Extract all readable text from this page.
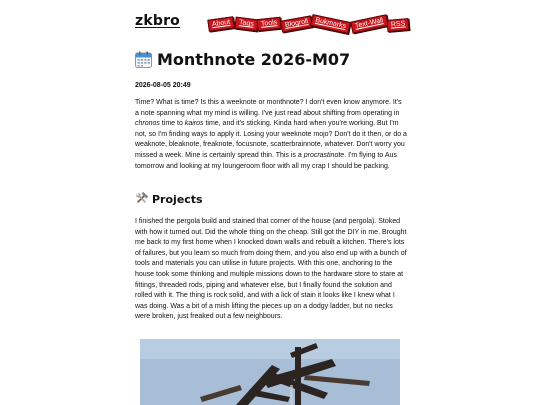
zkbro	About	Tags Tools Blogroll Bukmarks	Text-Wall RSS
Monthnote 2026-M07
2026-08-05 20:49

Time? What is time? Is this a weeknote or monthnote? I don't even know anymore. It's a note spanning what my mind is willing. I've just read about shifting from operating in chronos time to kairos time, and it's sticking. Kinda hard when you're working. But I'm not, so I'm finding ways to apply it. Losing your weeknote mojo? Don't do it then, or do a weaknote, bleaknote, freaknote, focusnote, scatterbrainnote, whatever. Don't worry you missed a week. Mine is certainly spread thin. This is a procrastinote. I'm flying to Aus tomorrow and looking at my loungeroom floor with all my crap I should be packing.

Projects

I finished the pergola build and stained that corner of the house (and pergola). Stoked with how it turned out. Did the whole thing on the cheap. Still got the DIY in me. Brought me back to my first home when I knocked down walls and rebuilt a kitchen. There's lots of failures, but you learn so much from doing them, and you also end up with a bunch of tools and materials you can utilise in future projects. With this one, anchoring to the house took some thinking and multiple missions down to the hardware store to stare at fittings, threaded rods, piping and whatever else, but I finally found the solution and rolled with it. The thing is rock solid, and with a lick of stain it looks like I knew what I was doing. Was a bit of a mish lifting the pieces up on a dodgy ladder, but no necks were broken, just freaked out a few neighbours.
